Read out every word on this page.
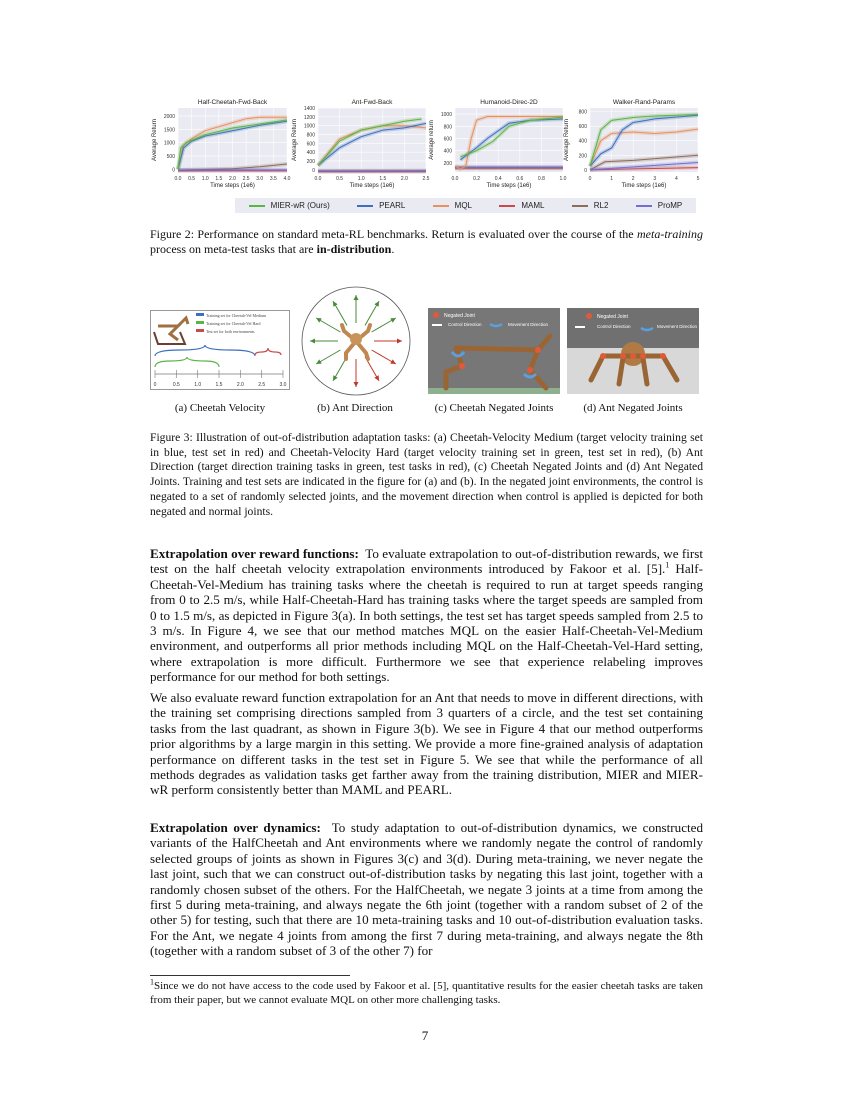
0
500
1000
1500
2000
0.0 0.5 1.0 1.5 2.0 2.5 3.0 3.5 4.0
Half-Cheetah-Fwd-Back
Time steps (1e6)
Average Return
0
200
400
600
800
1000
1200
1400
0.0	0.5	1.0	1.5	2.0	2.5
Ant-Fwd-Back
Time steps (1e6)
Average Return
200
400
600
800
1000
0.0	0.2	0.4	0.6	0.8	1.0
Humanoid-Direc-2D
Time steps (1e6)
Average return
0
200
400
600
800
0	1	2	3	4	5
Walker-Rand-Params
Time steps (1e6)
Average Return
MIER-wR (Ours)	PEARL	MQL	MAML	RL2	ProMP
Figure 2: Performance on standard meta-RL benchmarks. Return is evaluated over the course of the meta-training process on meta-test tasks that are in-distribution.
Training set for Cheetah-Vel Medium
Training set for Cheetah-Vel Hard
Test set for both environments
0	0.5	1.0	1.5	2.0	2.5	3.0
Negated Joint
Control Direction	Movement Direction
Negated Joint
Control Direction	Movement Direction
(a) Cheetah Velocity	(b) Ant Direction	(c) Cheetah Negated Joints	(d) Ant Negated Joints
Figure 3: Illustration of out-of-distribution adaptation tasks: (a) Cheetah-Velocity Medium (target velocity training set in blue, test set in red) and Cheetah-Velocity Hard (target velocity training set in green, test set in red), (b) Ant Direction (target direction training tasks in green, test tasks in red), (c) Cheetah Negated Joints and (d) Ant Negated Joints. Training and test sets are indicated in the figure for (a) and (b). In the negated joint environments, the control is negated to a set of randomly selected joints, and the movement direction when control is applied is depicted for both negated and normal joints.

Extrapolation over reward functions: To evaluate extrapolation to out-of-distribution rewards, we first test on the half cheetah velocity extrapolation environments introduced by Fakoor et al. [5].$^1$ Half-Cheetah-Vel-Medium has training tasks where the cheetah is required to run at target speeds ranging from 0 to 2.5 m/s, while Half-Cheetah-Hard has training tasks where the target speeds are sampled from 0 to 1.5 m/s, as depicted in Figure 3(a). In both settings, the test set has target speeds sampled from 2.5 to 3 m/s. In Figure 4, we see that our method matches MQL on the easier Half-Cheetah-Vel-Medium environment, and outperforms all prior methods including MQL on the Half-Cheetah-Vel-Hard setting, where extrapolation is more difficult. Furthermore we see that experience relabeling improves performance for our method for both settings.

We also evaluate reward function extrapolation for an Ant that needs to move in different directions, with the training set comprising directions sampled from 3 quarters of a circle, and the test set containing tasks from the last quadrant, as shown in Figure 3(b). We see in Figure 4 that our method outperforms prior algorithms by a large margin in this setting. We provide a more fine-grained analysis of adaptation performance on different tasks in the test set in Figure 5. We see that while the performance of all methods degrades as validation tasks get farther away from the training distribution, MIER and MIER-wR perform consistently better than MAML and PEARL.

Extrapolation over dynamics: To study adaptation to out-of-distribution dynamics, we constructed variants of the HalfCheetah and Ant environments where we randomly negate the control of randomly selected groups of joints as shown in Figures 3(c) and 3(d). During meta-training, we never negate the last joint, such that we can construct out-of-distribution tasks by negating this last joint, together with a randomly chosen subset of the others. For the HalfCheetah, we negate 3 joints at a time from among the first 5 during meta-training, and always negate the 6th joint (together with a random subset of 2 of the other 5) for testing, such that there are 10 meta-training tasks and 10 out-of-distribution evaluation tasks. For the Ant, we negate 4 joints from among the first 7 during meta-training, and always negate the 8th (together with a random subset of 3 of the other 7) for

$^1$Since we do not have access to the code used by Fakoor et al. [5], quantitative results for the easier cheetah tasks are taken from their paper, but we cannot evaluate MQL on other more challenging tasks.
7
